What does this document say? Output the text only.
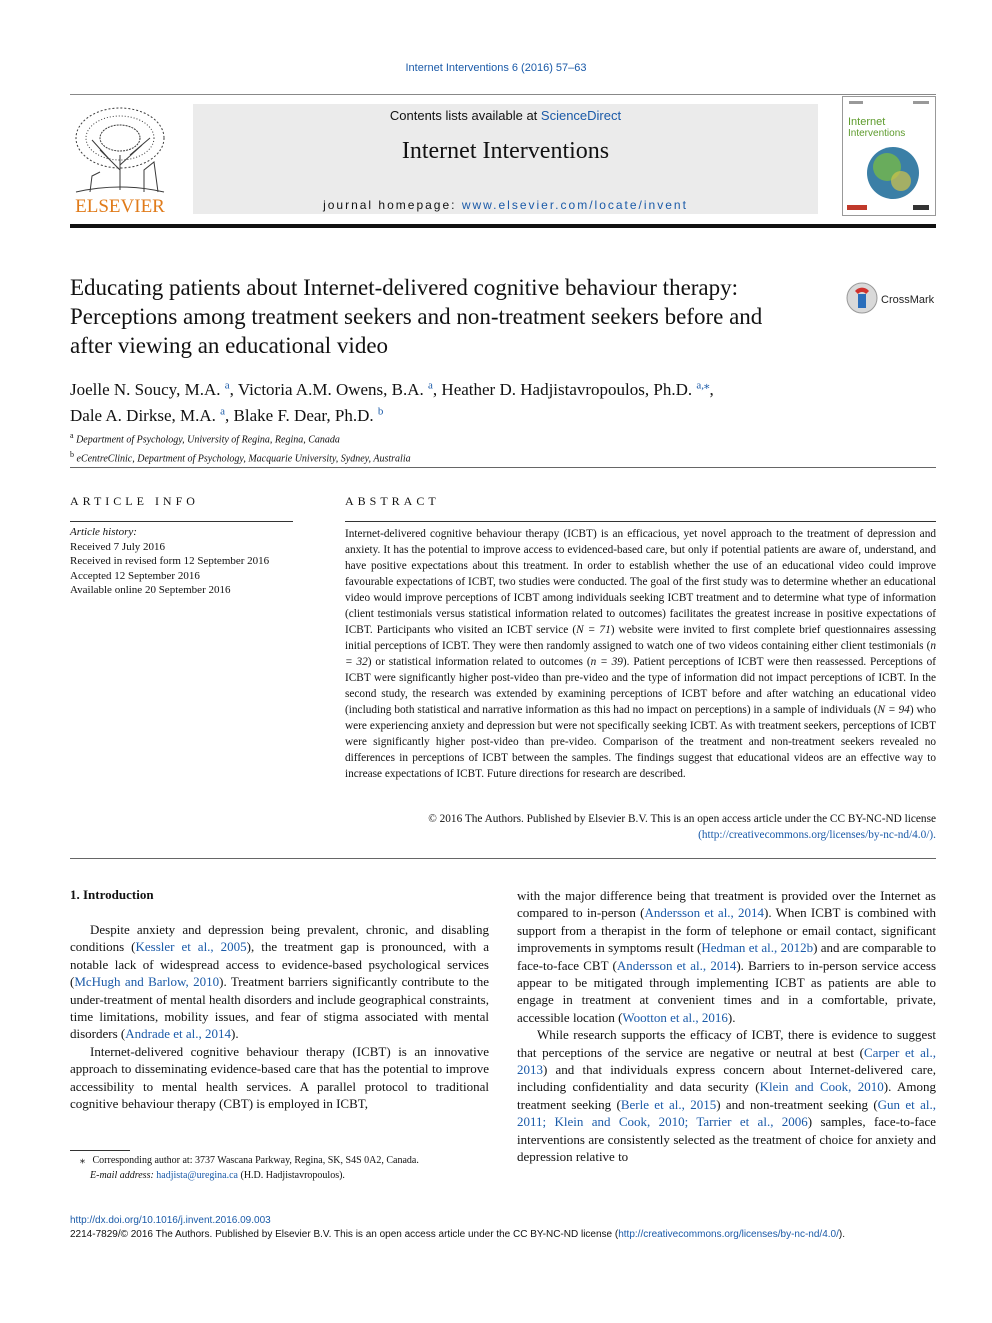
Internet Interventions 6 (2016) 57–63
ELSEVIER
Contents lists available at ScienceDirect
Internet Interventions
journal homepage: www.elsevier.com/locate/invent
Internet
Interventions
Educating patients about Internet-delivered cognitive behaviour therapy: Perceptions among treatment seekers and non-treatment seekers before and after viewing an educational video
CrossMark
Joelle N. Soucy, M.A. $^a$, Victoria A.M. Owens, B.A. $^a$, Heather D. Hadjistavropoulos, Ph.D. $^{a,⁎}$,
Dale A. Dirkse, M.A. $^a$, Blake F. Dear, Ph.D. $^b$
$^a$ Department of Psychology, University of Regina, Regina, Canada
$^b$ eCentreClinic, Department of Psychology, Macquarie University, Sydney, Australia
ARTICLE INFO	ABSTRACT
Article history:
Received 7 July 2016
Received in revised form 12 September 2016
Accepted 12 September 2016
Available online 20 September 2016
Internet-delivered cognitive behaviour therapy (ICBT) is an efficacious, yet novel approach to the treatment of depression and anxiety. It has the potential to improve access to evidenced-based care, but only if potential patients are aware of, understand, and have positive expectations about this treatment. In order to establish whether the use of an educational video could improve favourable expectations of ICBT, two studies were conducted. The goal of the first study was to determine whether an educational video would improve perceptions of ICBT among individuals seeking ICBT treatment and to determine what type of information (client testimonials versus statistical information related to outcomes) facilitates the greatest increase in positive expectations of ICBT. Participants who visited an ICBT service (N = 71) website were invited to first complete brief questionnaires assessing initial perceptions of ICBT. They were then randomly assigned to watch one of two videos containing either client testimonials (n = 32) or statistical information related to outcomes (n = 39). Patient perceptions of ICBT were then reassessed. Perceptions of ICBT were significantly higher post-video than pre-video and the type of information did not impact perceptions of ICBT. In the second study, the research was extended by examining perceptions of ICBT before and after watching an educational video (including both statistical and narrative information as this had no impact on perceptions) in a sample of individuals (N = 94) who were experiencing anxiety and depression but were not specifically seeking ICBT. As with treatment seekers, perceptions of ICBT were significantly higher post-video than pre-video. Comparison of the treatment and non-treatment seekers revealed no differences in perceptions of ICBT between the samples. The findings suggest that educational videos are an effective way to increase expectations of ICBT. Future directions for research are described.
© 2016 The Authors. Published by Elsevier B.V. This is an open access article under the CC BY-NC-ND license
(http://creativecommons.org/licenses/by-nc-nd/4.0/).
1. Introduction

Despite anxiety and depression being prevalent, chronic, and disabling conditions (Kessler et al., 2005), the treatment gap is pronounced, with a notable lack of widespread access to evidence-based psychological services (McHugh and Barlow, 2010). Treatment barriers significantly contribute to the under-treatment of mental health disorders and include geographical constraints, time limitations, mobility issues, and fear of stigma associated with mental disorders (Andrade et al., 2014).

Internet-delivered cognitive behaviour therapy (ICBT) is an innovative approach to disseminating evidence-based care that has the potential to improve accessibility to mental health services. A parallel protocol to traditional cognitive behaviour therapy (CBT) is employed in ICBT,

with the major difference being that treatment is provided over the Internet as compared to in-person (Andersson et al., 2014). When ICBT is combined with support from a therapist in the form of telephone or email contact, significant improvements in symptoms result (Hedman et al., 2012b) and are comparable to face-to-face CBT (Andersson et al., 2014). Barriers to in-person service access appear to be mitigated through implementing ICBT as patients are able to engage in treatment at convenient times and in a comfortable, private, accessible location (Wootton et al., 2016).

While research supports the efficacy of ICBT, there is evidence to suggest that perceptions of the service are negative or neutral at best (Carper et al., 2013) and that individuals express concern about Internet-delivered care, including confidentiality and data security (Klein and Cook, 2010). Among treatment seeking (Berle et al., 2015) and non-treatment seeking (Gun et al., 2011; Klein and Cook, 2010; Tarrier et al., 2006) samples, face-to-face interventions are consistently selected as the treatment of choice for anxiety and depression relative to

⁎ Corresponding author at: 3737 Wascana Parkway, Regina, SK, S4S 0A2, Canada.
E-mail address: hadjista@uregina.ca (H.D. Hadjistavropoulos).
http://dx.doi.org/10.1016/j.invent.2016.09.003
2214-7829/© 2016 The Authors. Published by Elsevier B.V. This is an open access article under the CC BY-NC-ND license (http://creativecommons.org/licenses/by-nc-nd/4.0/).
